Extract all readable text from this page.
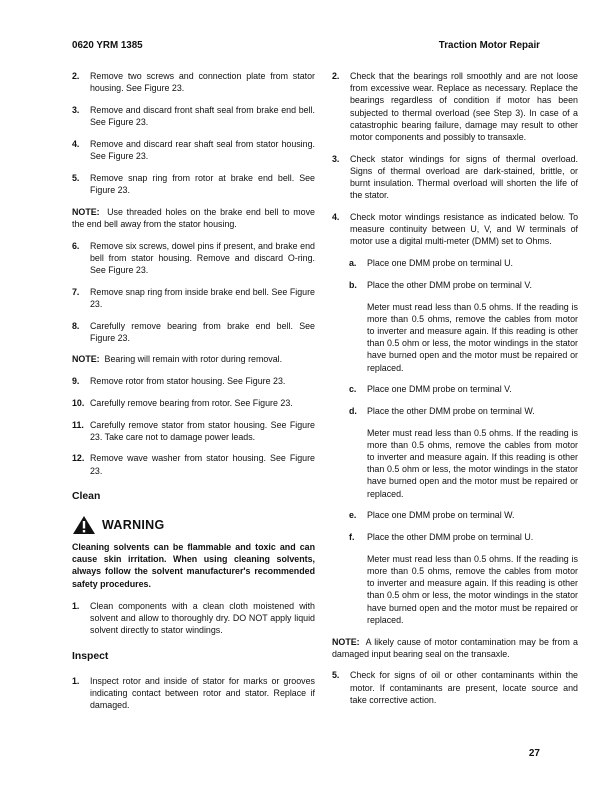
0620 YRM 1385	Traction Motor Repair
2. Remove two screws and connection plate from stator housing. See Figure 23.
3. Remove and discard front shaft seal from brake end bell. See Figure 23.
4. Remove and discard rear shaft seal from stator housing. See Figure 23.
5. Remove snap ring from rotor at brake end bell. See Figure 23.
NOTE: Use threaded holes on the brake end bell to move the end bell away from the stator housing.
6. Remove six screws, dowel pins if present, and brake end bell from stator housing. Remove and discard O-ring. See Figure 23.
7. Remove snap ring from inside brake end bell. See Figure 23.
8. Carefully remove bearing from brake end bell. See Figure 23.
NOTE: Bearing will remain with rotor during removal.
9. Remove rotor from stator housing. See Figure 23.
10. Carefully remove bearing from rotor. See Figure 23.
11. Carefully remove stator from stator housing. See Figure 23. Take care not to damage power leads.
12. Remove wave washer from stator housing. See Figure 23.
Clean
WARNING
Cleaning solvents can be flammable and toxic and can cause skin irritation. When using cleaning solvents, always follow the solvent manufacturer's recommended safety procedures.
1. Clean components with a clean cloth moistened with solvent and allow to thoroughly dry. DO NOT apply liquid solvent directly to stator windings.
Inspect
1. Inspect rotor and inside of stator for marks or grooves indicating contact between rotor and stator. Replace if damaged.
2. Check that the bearings roll smoothly and are not loose from excessive wear. Replace as necessary. Replace the bearings regardless of condition if motor has been subjected to thermal overload (see Step 3). In case of a catastrophic bearing failure, damage may result to other motor components and possibly to transaxle.
3. Check stator windings for signs of thermal overload. Signs of thermal overload are dark-stained, brittle, or burnt insulation. Thermal overload will shorten the life of the stator.
4. Check motor windings resistance as indicated below. To measure continuity between U, V, and W terminals of motor use a digital multi-meter (DMM) set to Ohms.
a. Place one DMM probe on terminal U.
b. Place the other DMM probe on terminal V.
Meter must read less than 0.5 ohms. If the reading is more than 0.5 ohms, remove the cables from motor to inverter and measure again. If this reading is other than 0.5 ohm or less, the motor windings in the stator have burned open and the motor must be repaired or replaced.
c. Place one DMM probe on terminal V.
d. Place the other DMM probe on terminal W.
Meter must read less than 0.5 ohms. If the reading is more than 0.5 ohms, remove the cables from motor to inverter and measure again. If this reading is other than 0.5 ohm or less, the motor windings in the stator have burned open and the motor must be repaired or replaced.
e. Place one DMM probe on terminal W.
f. Place the other DMM probe on terminal U.
Meter must read less than 0.5 ohms. If the reading is more than 0.5 ohms, remove the cables from motor to inverter and measure again. If this reading is other than 0.5 ohm or less, the motor windings in the stator have burned open and the motor must be repaired or replaced.
NOTE: A likely cause of motor contamination may be from a damaged input bearing seal on the transaxle.
5. Check for signs of oil or other contaminants within the motor. If contaminants are present, locate source and take corrective action.
27
